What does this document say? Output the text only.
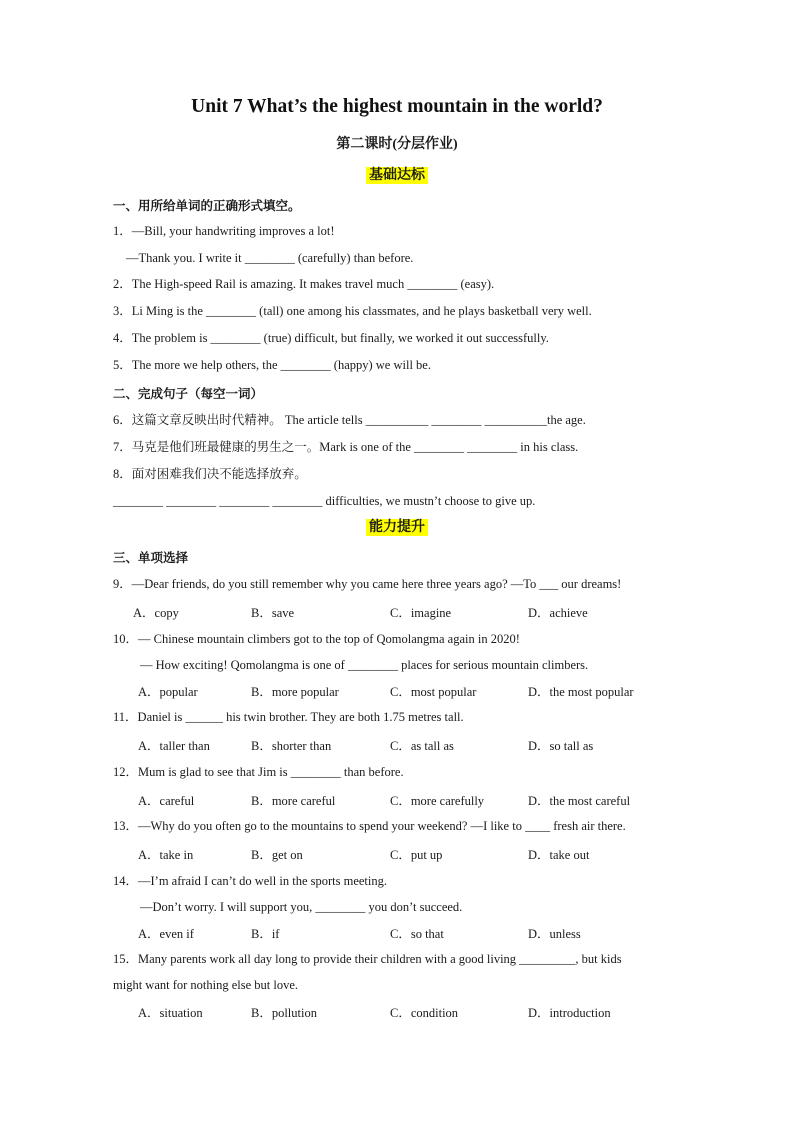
Unit 7 What’s the highest mountain in the world?
第二课时(分层作业)
基础达标
一、用所给单词的正确形式填空。
1．—Bill, your handwriting improves a lot!
—Thank you. I write it ________ (carefully) than before.
2．The High-speed Rail is amazing. It makes travel much ________ (easy).
3．Li Ming is the ________ (tall) one among his classmates, and he plays basketball very well.
4．The problem is ________ (true) difficult, but finally, we worked it out successfully.
5．The more we help others, the ________ (happy) we will be.
二、完成句子（每空一词）
6．这篇文章反映出时代精神。 The article tells __________ ________ __________the age.
7．马克是他们班最健康的男生之一。Mark is one of the ________ ________ in his class.
8．面对困难我们决不能选择放弃。
________ ________ ________ ________ difficulties, we mustn’t choose to give up.
能力提升
三、单项选择
9．—Dear friends, do you still remember why you came here three years ago? —To ___ our dreams!
A．copy	B．save	C．imagine	D．achieve
10．— Chinese mountain climbers got to the top of Qomolangma again in 2020!
— How exciting! Qomolangma is one of ________ places for serious mountain climbers.
A．popular	B．more popular	C．most popular	D．the most popular
11．Daniel is ______ his twin brother. They are both 1.75 metres tall.
A．taller than	B．shorter than	C．as tall as	D．so tall as
12．Mum is glad to see that Jim is ________ than before.
A．careful	B．more careful	C．more carefully	D．the most careful
13．—Why do you often go to the mountains to spend your weekend? —I like to ____ fresh air there.
A．take in	B．get on	C．put up	D．take out
14．—I’m afraid I can’t do well in the sports meeting.
—Don’t worry. I will support you, ________ you don’t succeed.
A．even if	B．if	C．so that	D．unless
15．Many parents work all day long to provide their children with a good living _________, but kids
might want for nothing else but love.
A．situation	B．pollution	C．condition	D．introduction
